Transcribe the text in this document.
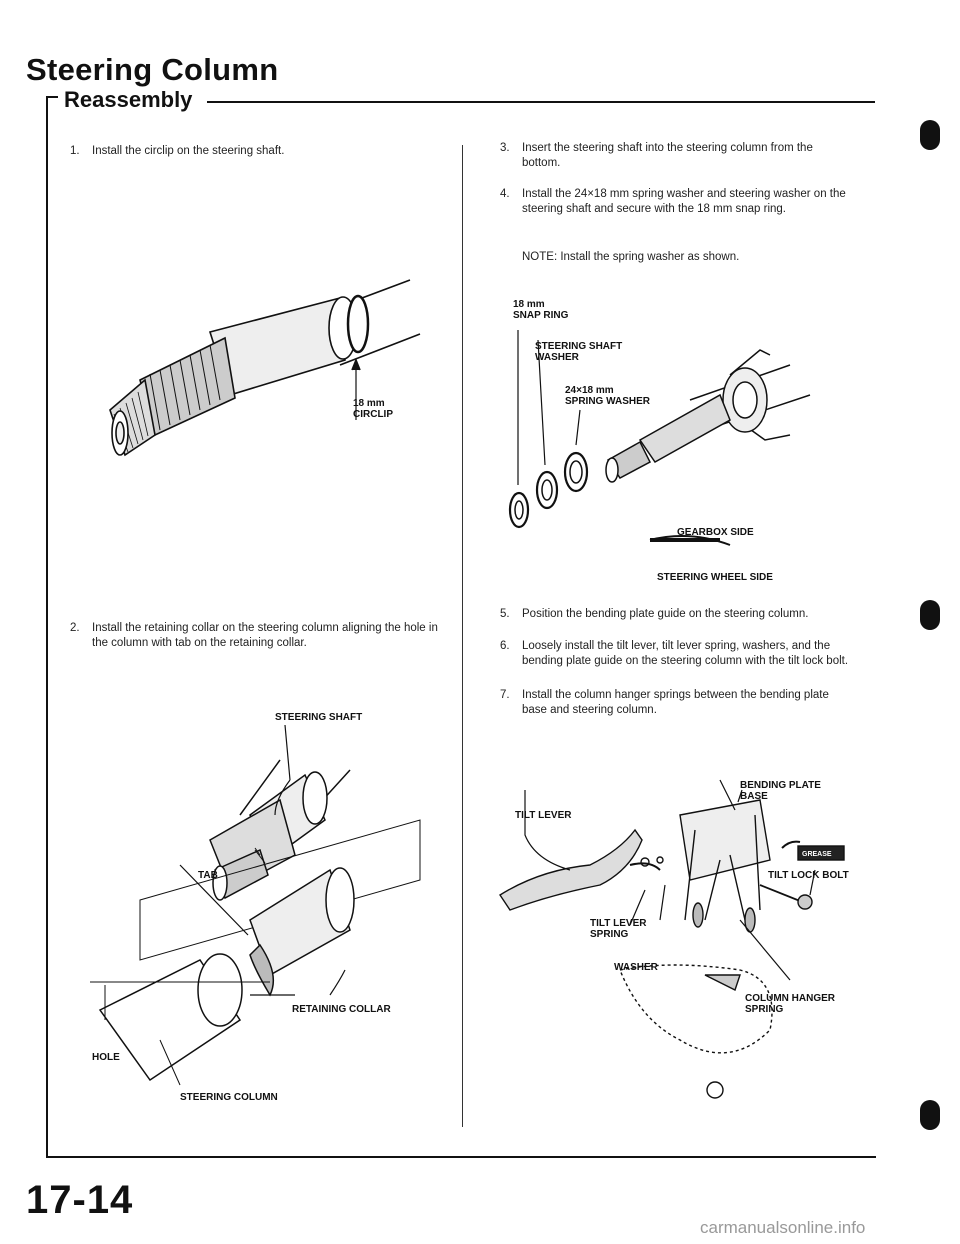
Steering Column
Reassembly
1. Install the circlip on the steering shaft.
18 mm
CIRCLIP
2. Install the retaining collar on the steering column aligning the hole in the column with tab on the retaining collar.
STEERING SHAFT
TAB
RETAINING COLLAR
HOLE
STEERING COLUMN
3. Insert the steering shaft into the steering column from the bottom.
4. Install the 24×18 mm spring washer and steering washer on the steering shaft and secure with the 18 mm snap ring.
NOTE: Install the spring washer as shown.
18 mm
SNAP RING
STEERING SHAFT
WASHER
24×18 mm
SPRING WASHER
GEARBOX SIDE
STEERING WHEEL SIDE
5. Position the bending plate guide on the steering column.
6. Loosely install the tilt lever, tilt lever spring, washers, and the bending plate guide on the steering column with the tilt lock bolt.
7. Install the column hanger springs between the bending plate base and steering column.
BENDING PLATE
BASE
TILT LEVER
GREASE
TILT LOCK BOLT
TILT LEVER
SPRING
WASHER
COLUMN HANGER
SPRING
17-14
carmanualsonline.info
